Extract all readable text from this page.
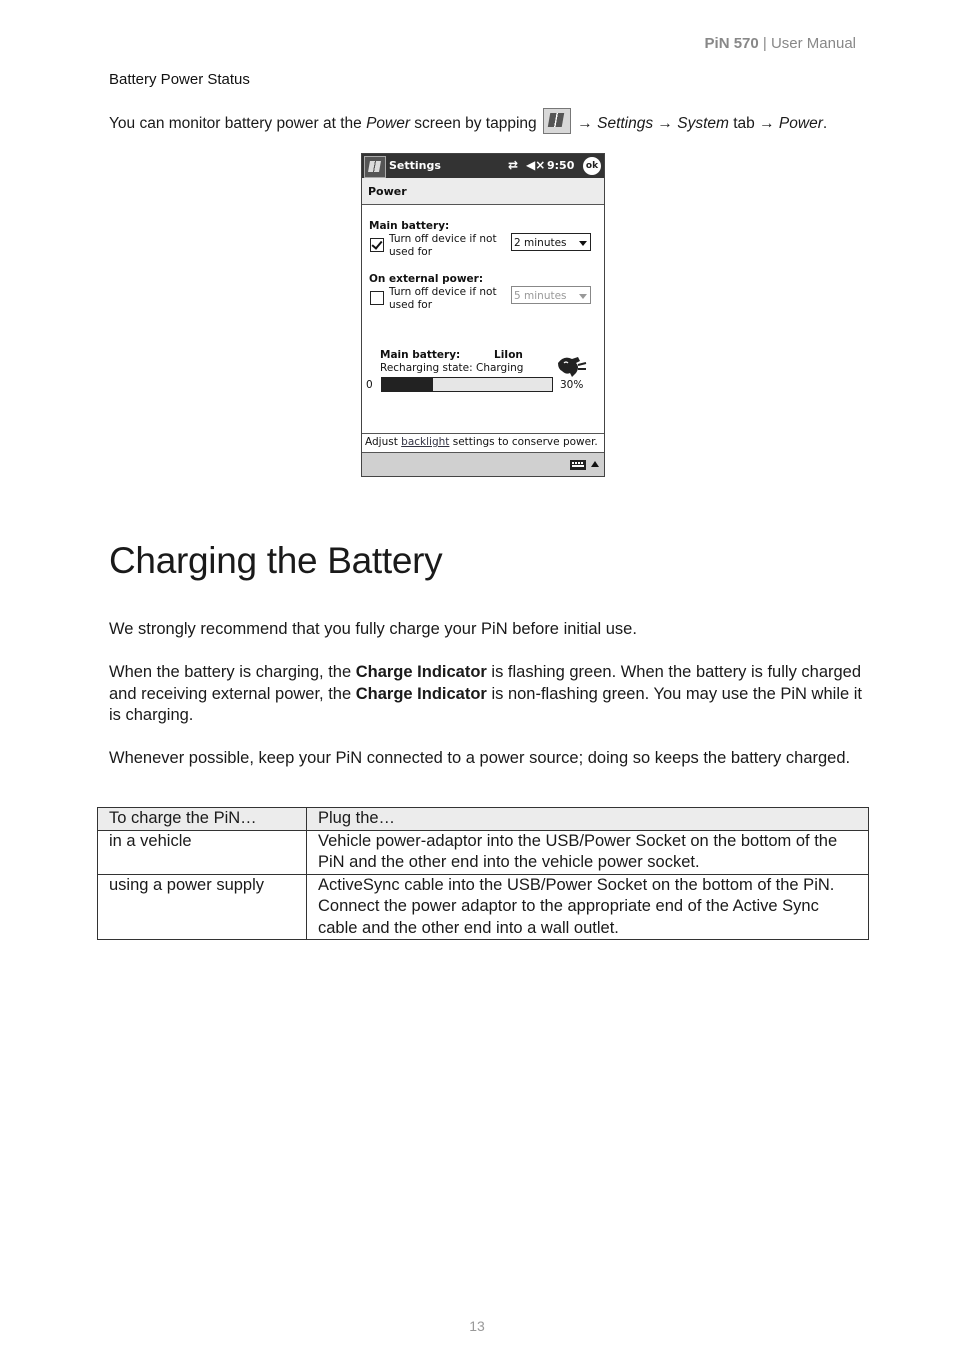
PiN 570 | User Manual
Battery Power Status
You can monitor battery power at the Power screen by tapping  → Settings → System tab → Power.
Settings	⇄ ◀× 9:50	ok
Power
Main battery:
Turn off device if not
used for
2 minutes
On external power:
Turn off device if not
used for
5 minutes
Main battery:	LiIon
Recharging state: Charging
0	30%
Adjust backlight settings to conserve power.
Charging the Battery

We strongly recommend that you fully charge your PiN before initial use.

When the battery is charging, the Charge Indicator is flashing green. When the battery is fully charged and receiving external power, the Charge Indicator is non-flashing green. You may use the PiN while it is charging.

Whenever possible, keep your PiN connected to a power source; doing so keeps the battery charged.

To charge the PiN…	Plug the…
in a vehicle	Vehicle power-adaptor into the USB/Power Socket on the bottom of the PiN and the other end into the vehicle power socket.
using a power supply	ActiveSync cable into the USB/Power Socket on the bottom of the PiN. Connect the power adaptor to the appropriate end of the Active Sync cable and the other end into a wall outlet.
13
